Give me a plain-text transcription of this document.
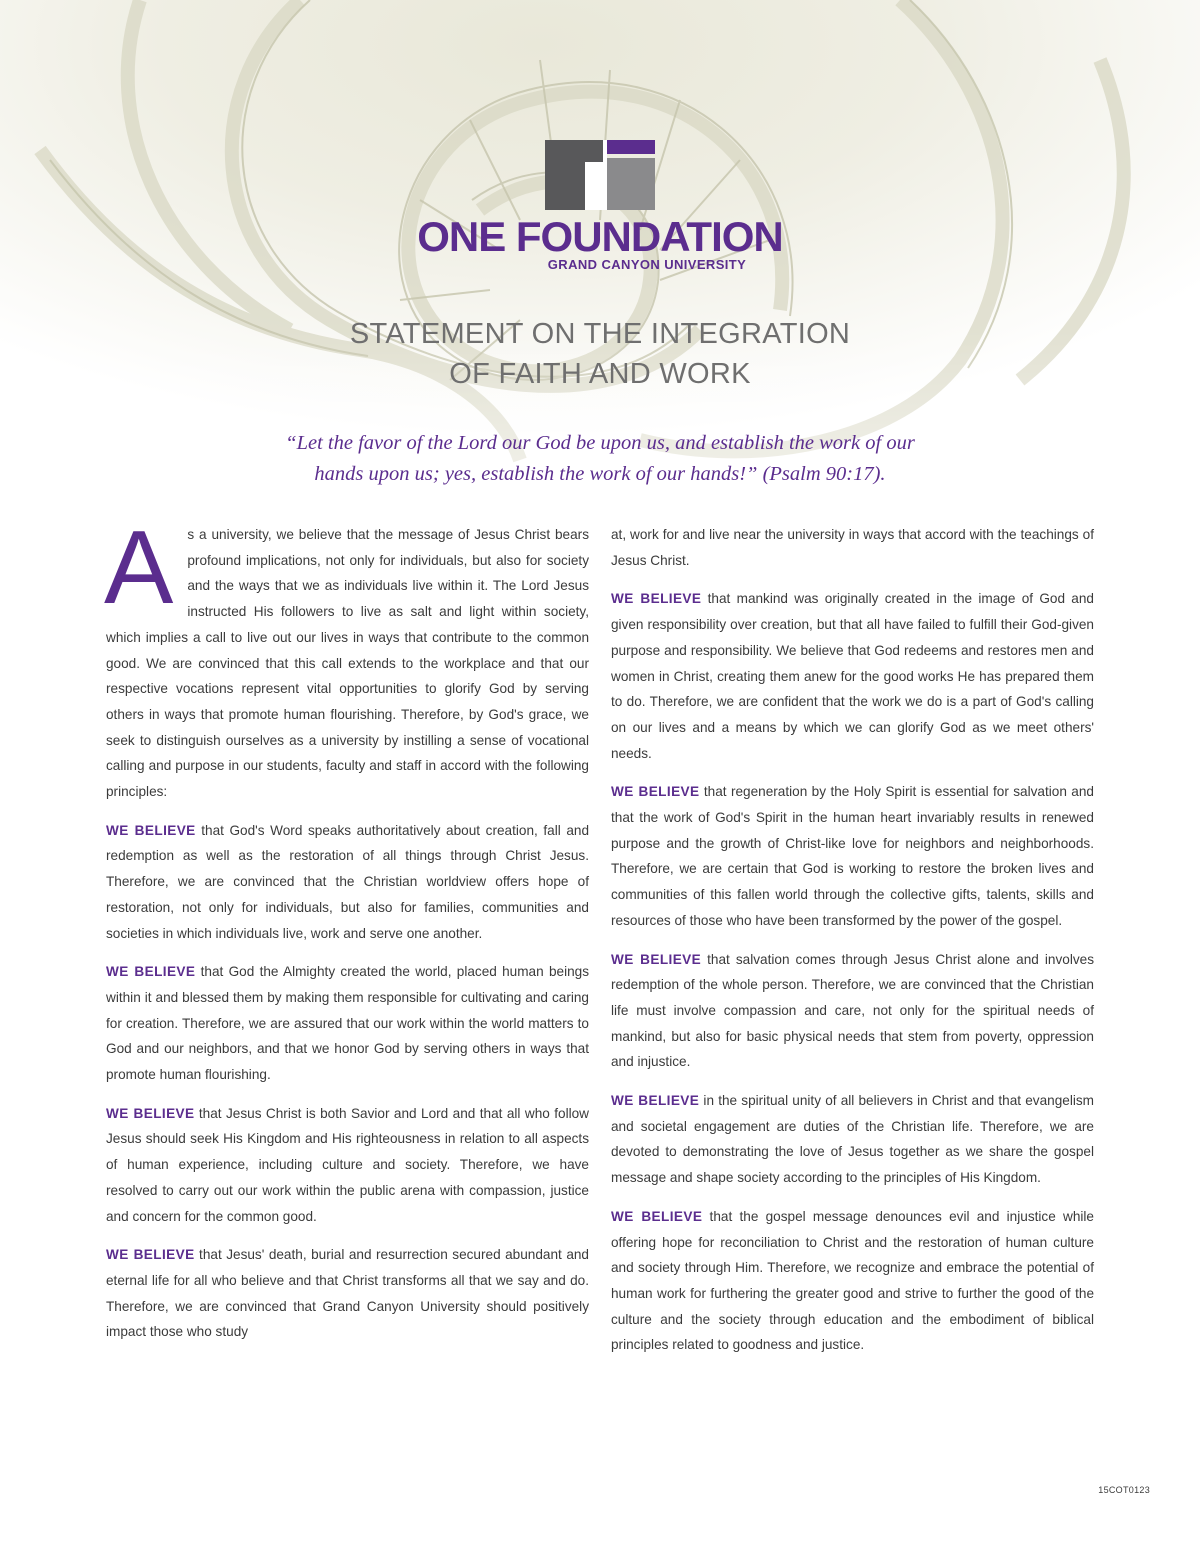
ONE FOUNDATION
GRAND CANYON UNIVERSITY
STATEMENT ON THE INTEGRATION
OF FAITH AND WORK
“Let the favor of the Lord our God be upon us, and establish the work of our
hands upon us; yes, establish the work of our hands!” (Psalm 90:17).

A s a university, we believe that the message of Jesus Christ bears profound implications, not only for individuals, but also for society and the ways that we as individuals live within it. The Lord Jesus instructed His followers to live as salt and light within society, which implies a call to live out our lives in ways that contribute to the common good. We are convinced that this call extends to the workplace and that our respective vocations represent vital opportunities to glorify God by serving others in ways that promote human flourishing. Therefore, by God's grace, we seek to distinguish ourselves as a university by instilling a sense of vocational calling and purpose in our students, faculty and staff in accord with the following principles:

WE BELIEVE that God's Word speaks authoritatively about creation, fall and redemption as well as the restoration of all things through Christ Jesus. Therefore, we are convinced that the Christian worldview offers hope of restoration, not only for individuals, but also for families, communities and societies in which individuals live, work and serve one another.

WE BELIEVE that God the Almighty created the world, placed human beings within it and blessed them by making them responsible for cultivating and caring for creation. Therefore, we are assured that our work within the world matters to God and our neighbors, and that we honor God by serving others in ways that promote human flourishing.

WE BELIEVE that Jesus Christ is both Savior and Lord and that all who follow Jesus should seek His Kingdom and His righteousness in relation to all aspects of human experience, including culture and society. Therefore, we have resolved to carry out our work within the public arena with compassion, justice and concern for the common good.

WE BELIEVE that Jesus' death, burial and resurrection secured abundant and eternal life for all who believe and that Christ transforms all that we say and do. Therefore, we are convinced that Grand Canyon University should positively impact those who study

at, work for and live near the university in ways that accord with the teachings of Jesus Christ.

WE BELIEVE that mankind was originally created in the image of God and given responsibility over creation, but that all have failed to fulfill their God-given purpose and responsibility. We believe that God redeems and restores men and women in Christ, creating them anew for the good works He has prepared them to do. Therefore, we are confident that the work we do is a part of God's calling on our lives and a means by which we can glorify God as we meet others' needs.

WE BELIEVE that regeneration by the Holy Spirit is essential for salvation and that the work of God's Spirit in the human heart invariably results in renewed purpose and the growth of Christ-like love for neighbors and neighborhoods. Therefore, we are certain that God is working to restore the broken lives and communities of this fallen world through the collective gifts, talents, skills and resources of those who have been transformed by the power of the gospel.

WE BELIEVE that salvation comes through Jesus Christ alone and involves redemption of the whole person. Therefore, we are convinced that the Christian life must involve compassion and care, not only for the spiritual needs of mankind, but also for basic physical needs that stem from poverty, oppression and injustice.

WE BELIEVE in the spiritual unity of all believers in Christ and that evangelism and societal engagement are duties of the Christian life. Therefore, we are devoted to demonstrating the love of Jesus together as we share the gospel message and shape society according to the principles of His Kingdom.

WE BELIEVE that the gospel message denounces evil and injustice while offering hope for reconciliation to Christ and the restoration of human culture and society through Him. Therefore, we recognize and embrace the potential of human work for furthering the greater good and strive to further the good of the culture and the society through education and the embodiment of biblical principles related to goodness and justice.

15COT0123
